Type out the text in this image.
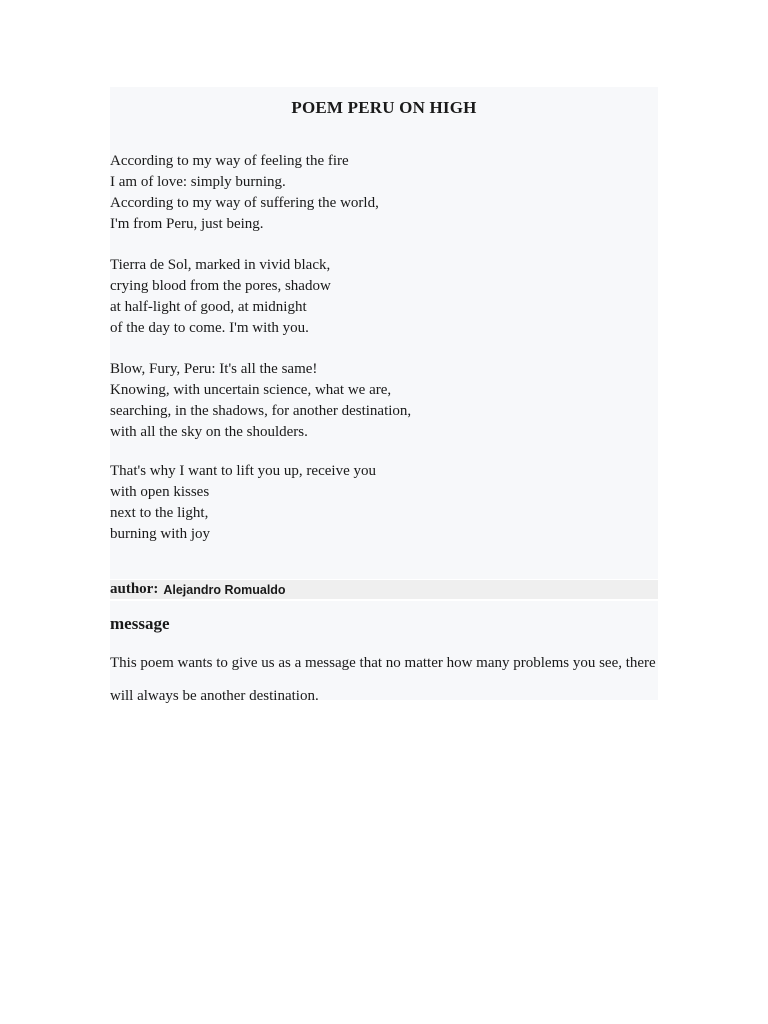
POEM PERU ON HIGH

According to my way of feeling the fire
I am of love: simply burning.
According to my way of suffering the world,
I'm from Peru, just being.

Tierra de Sol, marked in vivid black,
crying blood from the pores, shadow
at half-light of good, at midnight
of the day to come. I'm with you.

Blow, Fury, Peru: It's all the same!
Knowing, with uncertain science, what we are,
searching, in the shadows, for another destination,
with all the sky on the shoulders.

That's why I want to lift you up, receive you
with open kisses
next to the light,
burning with joy

author: Alejandro Romualdo
message

This poem wants to give us as a message that no matter how many problems you see, there will always be another destination.
